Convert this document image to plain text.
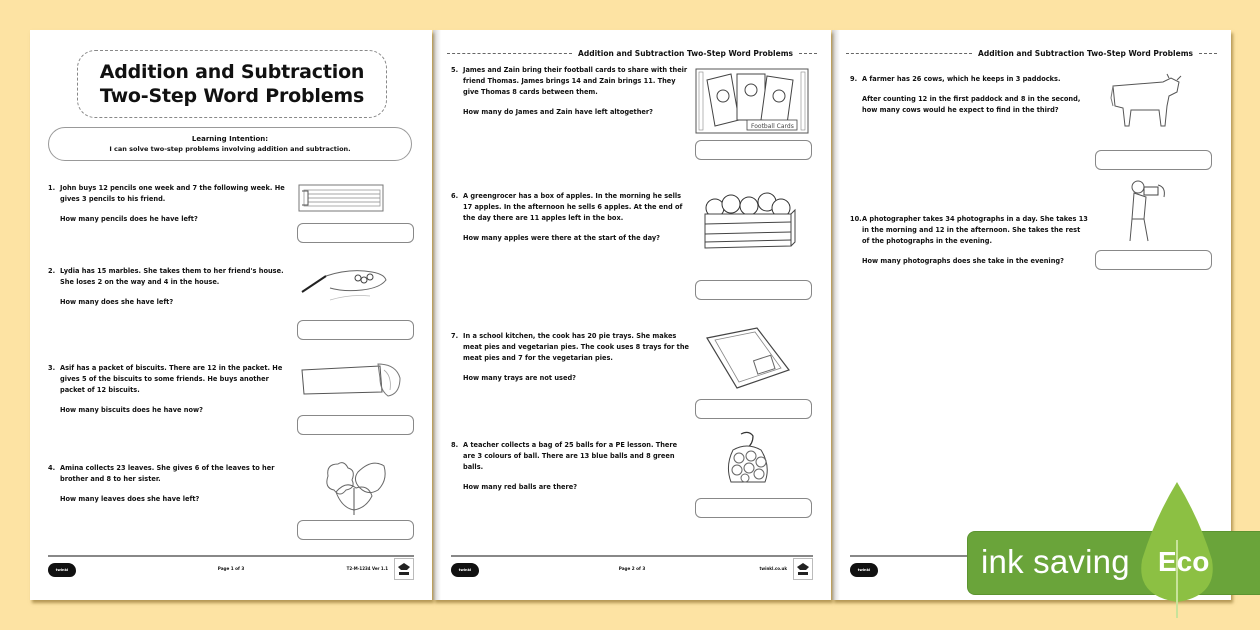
Addition and Subtraction
Two-Step Word Problems
Learning Intention:
I can solve two-step problems involving addition and subtraction.
1. John buys 12 pencils one week and 7 the following week. He gives 3 pencils to his friend.
How many pencils does he have left?
2. Lydia has 15 marbles. She takes them to her friend's house. She loses 2 on the way and 4 in the house.
How many does she have left?
3. Asif has a packet of biscuits. There are 12 in the packet. He gives 5 of the biscuits to some friends. He buys another packet of 12 biscuits.
How many biscuits does he have now?
4. Amina collects 23 leaves. She gives 6 of the leaves to her brother and 8 to her sister.
How many leaves does she have left?
twinkl	Page 1 of 3	T2-M-1234 Ver 1.1
Addition and Subtraction Two-Step Word Problems
5. James and Zain bring their football cards to share with their friend Thomas. James brings 14 and Zain brings 11. They give Thomas 8 cards between them.
How many do James and Zain have left altogether?
Football Cards
6. A greengrocer has a box of apples. In the morning he sells 17 apples. In the afternoon he sells 6 apples. At the end of the day there are 11 apples left in the box.
How many apples were there at the start of the day?
7. In a school kitchen, the cook has 20 pie trays. She makes meat pies and vegetarian pies. The cook uses 8 trays for the meat pies and 7 for the vegetarian pies.
How many trays are not used?
8. A teacher collects a bag of 25 balls for a PE lesson. There are 3 colours of ball. There are 13 blue balls and 8 green balls.
How many red balls are there?
twinkl	Page 2 of 3	twinkl.co.uk
Addition and Subtraction Two-Step Word Problems
9. A farmer has 26 cows, which he keeps in 3 paddocks.
After counting 12 in the first paddock and 8 in the second, how many cows would he expect to find in the third?
10. A photographer takes 34 photographs in a day. She takes 13 in the morning and 12 in the afternoon. She takes the rest of the photographs in the evening.
How many photographs does she take in the evening?
twinkl	ink saving Eco
